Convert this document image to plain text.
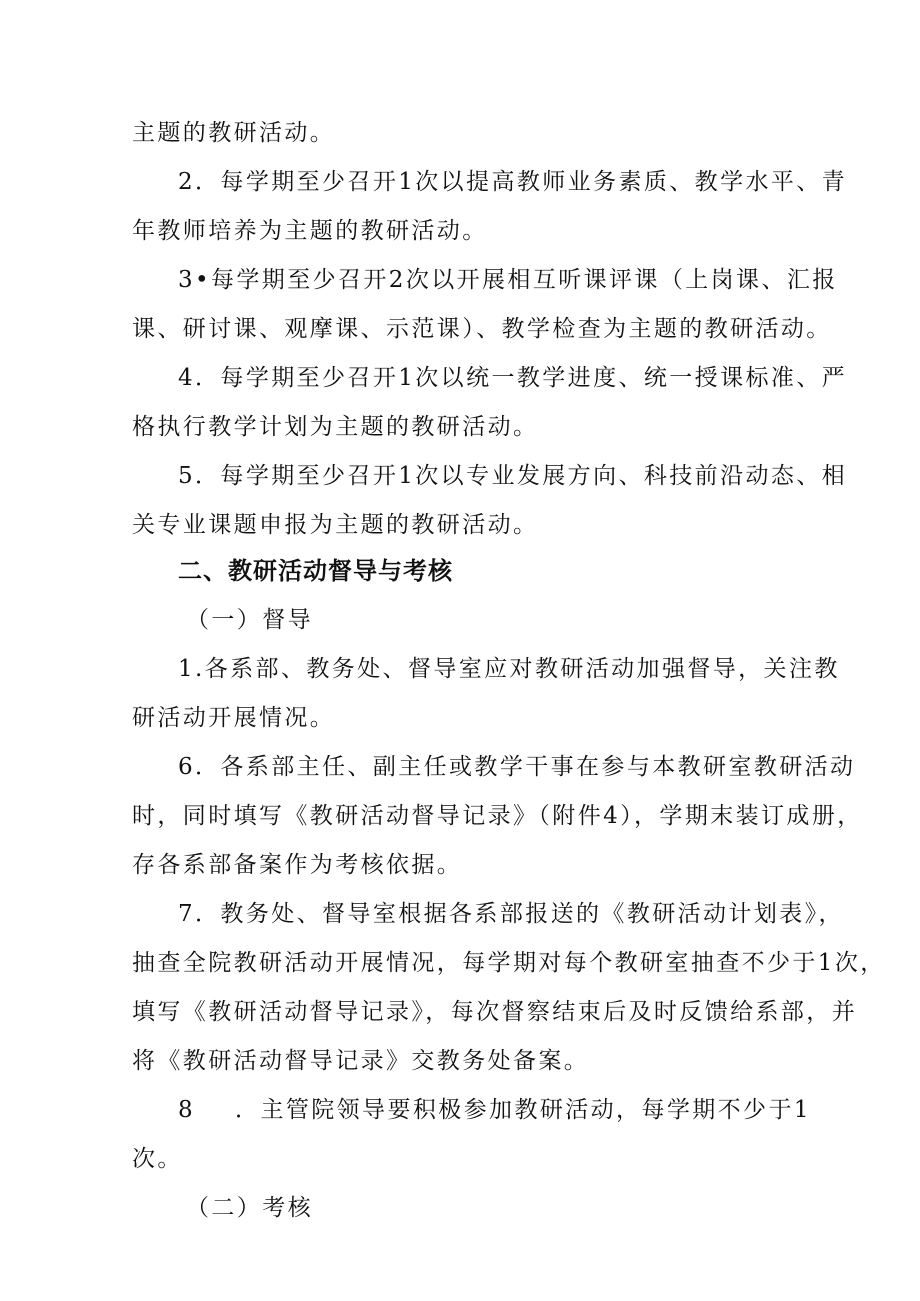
主题的教研活动。
2．每学期至少召开1次以提高教师业务素质、教学水平、青
年教师培养为主题的教研活动。
3•每学期至少召开2次以开展相互听课评课（上岗课、汇报
课、研讨课、观摩课、示范课）、教学检查为主题的教研活动。
4．每学期至少召开1次以统一教学进度、统一授课标准、严
格执行教学计划为主题的教研活动。
5．每学期至少召开1次以专业发展方向、科技前沿动态、相
关专业课题申报为主题的教研活动。
二、教研活动督导与考核
（一）督导
1.各系部、教务处、督导室应对教研活动加强督导，关注教
研活动开展情况。
6．各系部主任、副主任或教学干事在参与本教研室教研活动
时，同时填写《教研活动督导记录》（附件4），学期末装订成册，
存各系部备案作为考核依据。
7．教务处、督导室根据各系部报送的《教研活动计划表》，
抽查全院教研活动开展情况，每学期对每个教研室抽查不少于1次，
填写《教研活动督导记录》，每次督察结束后及时反馈给系部，并
将《教研活动督导记录》交教务处备案。
8 ．主管院领导要积极参加教研活动，每学期不少于1
次。
（二）考核
